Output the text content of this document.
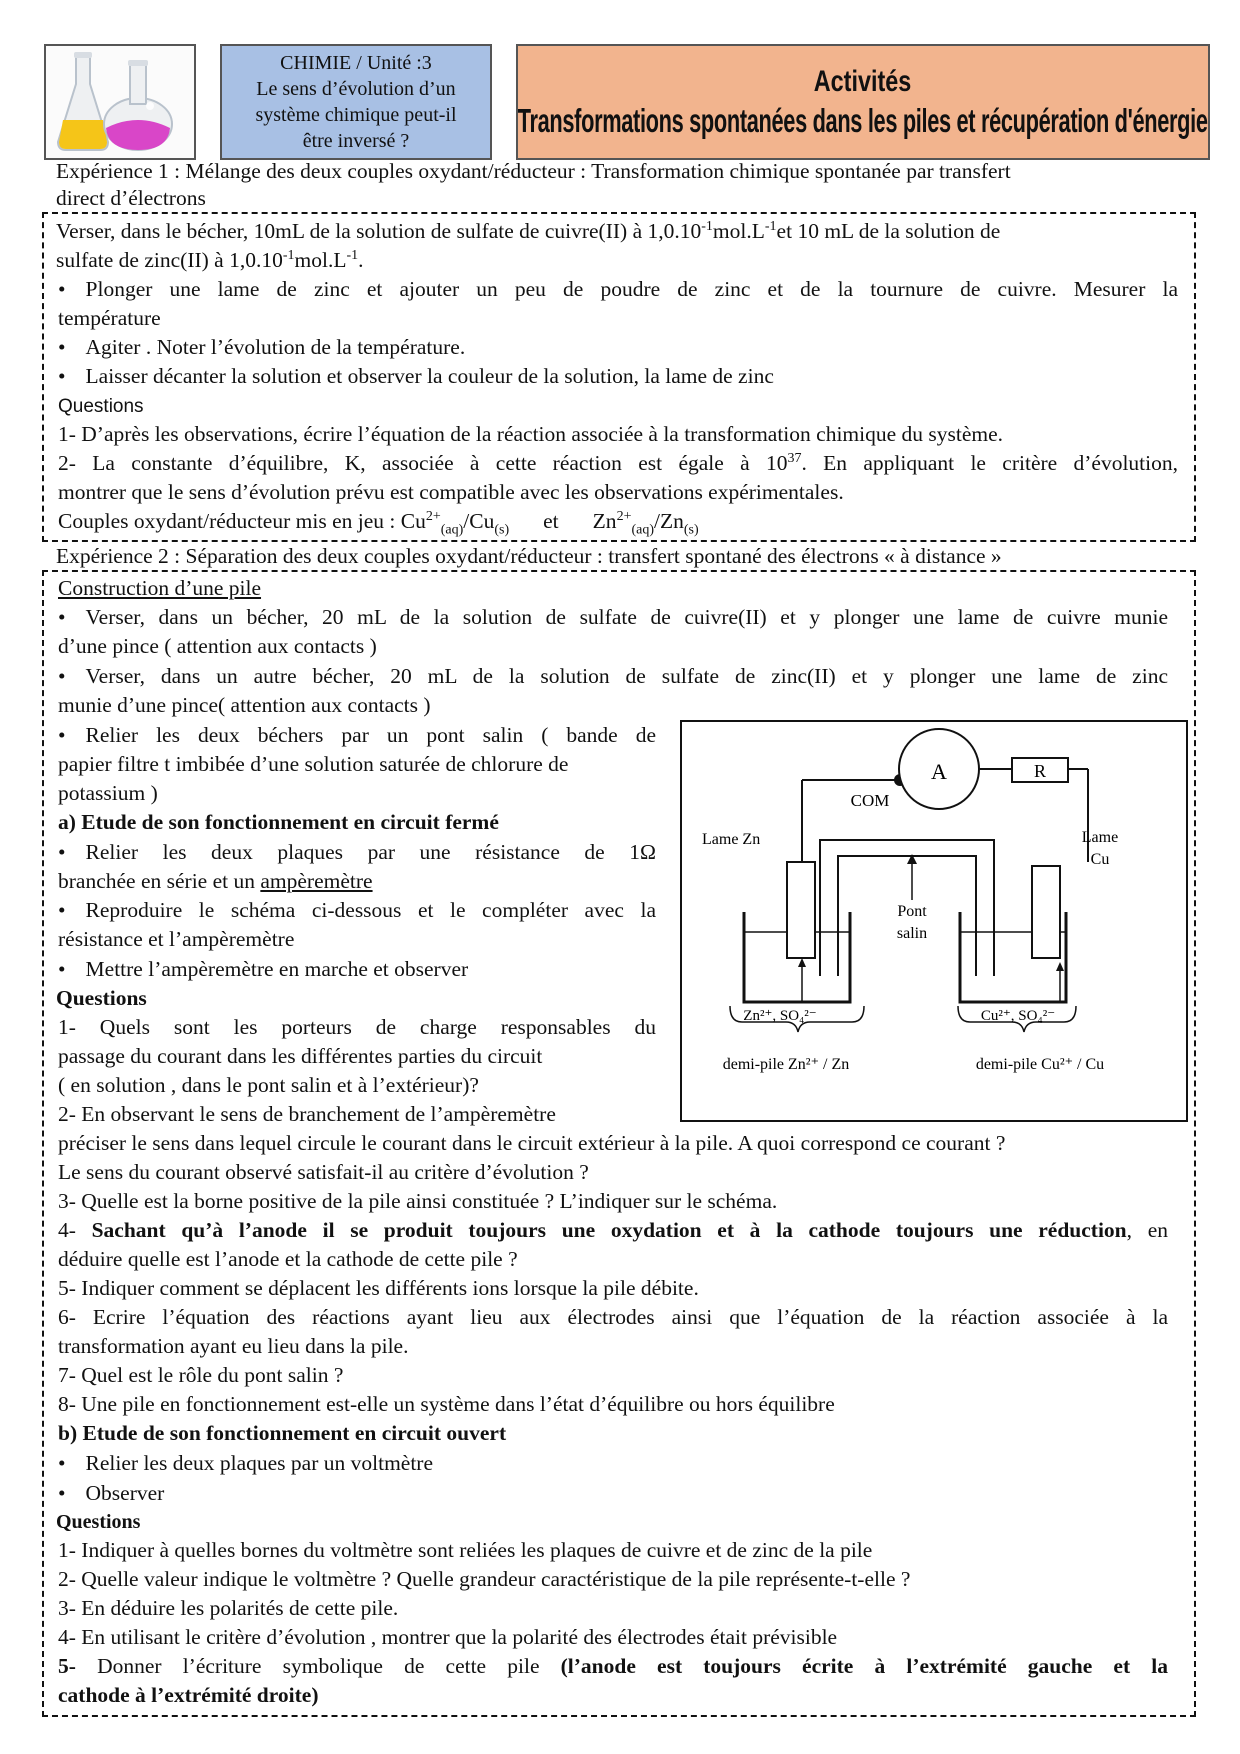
CHIMIE / Unité :3
Le sens d’évolution d’un
système chimique peut-il
être inversé ?
Activités
Transformations spontanées dans les piles et récupération d'énergie
Expérience 1 : Mélange des deux couples oxydant/réducteur : Transformation chimique spontanée par transfert
direct d’électrons
Verser, dans le bécher, 10mL de la solution de sulfate de cuivre(II) à $1,0.10^{-1}mol.L^{-1}et$ 10 mL de la solution de
sulfate de zinc(II) à $1,0.10^{-1}mol.L^{-1}$.
• Plonger une lame de zinc et ajouter un peu de poudre de zinc et de la tournure de cuivre. Mesurer la
température
• Agiter . Noter l’évolution de la température.
• Laisser décanter la solution et observer la couleur de la solution, la lame de zinc
Questions
1- D’après les observations, écrire l’équation de la réaction associée à la transformation chimique du système.
2- La constante d’équilibre, K, associée à cette réaction est égale à $10^{37}$. En appliquant le critère d’évolution,
montrer que le sens d’évolution prévu est compatible avec les observations expérimentales.
Couples oxydant/réducteur mis en jeu : $Cu^{2+}_{(aq)}/Cu_{(s)}$ et $Zn^{2+}_{(aq)}/Zn_{(s)}$
Expérience 2 : Séparation des deux couples oxydant/réducteur : transfert spontané des électrons « à distance »
Construction d’une pile
• Verser, dans un bécher, 20 mL de la solution de sulfate de cuivre(II) et y plonger une lame de cuivre munie
d’une pince ( attention aux contacts )
• Verser, dans un autre bécher, 20 mL de la solution de sulfate de zinc(II) et y plonger une lame de zinc
munie d’une pince( attention aux contacts )
• Relier les deux béchers par un pont salin ( bande de
papier filtre t imbibée d’une solution saturée de chlorure de
potassium )
a) Etude de son fonctionnement en circuit fermé
• Relier les deux plaques par une résistance de 1Ω
branchée en série et un ampèremètre
• Reproduire le schéma ci-dessous et le compléter avec la
résistance et l’ampèremètre
• Mettre l’ampèremètre en marche et observer
Questions
1- Quels sont les porteurs de charge responsables du
passage du courant dans les différentes parties du circuit
( en solution , dans le pont salin et à l’extérieur)?
2- En observant le sens de branchement de l’ampèremètre
préciser le sens dans lequel circule le courant dans le circuit extérieur à la pile. A quoi correspond ce courant ?
Le sens du courant observé satisfait-il au critère d’évolution ?
3- Quelle est la borne positive de la pile ainsi constituée ? L’indiquer sur le schéma.
4- Sachant qu’à l’anode il se produit toujours une oxydation et à la cathode toujours une réduction, en
déduire quelle est l’anode et la cathode de cette pile ?
5- Indiquer comment se déplacent les différents ions lorsque la pile débite.
6- Ecrire l’équation des réactions ayant lieu aux électrodes ainsi que l’équation de la réaction associée à la
transformation ayant eu lieu dans la pile.
7- Quel est le rôle du pont salin ?
8- Une pile en fonctionnement est-elle un système dans l’état d’équilibre ou hors équilibre
b) Etude de son fonctionnement en circuit ouvert
• Relier les deux plaques par un voltmètre
• Observer
Questions
1- Indiquer à quelles bornes du voltmètre sont reliées les plaques de cuivre et de zinc de la pile
2- Quelle valeur indique le voltmètre ? Quelle grandeur caractéristique de la pile représente-t-elle ?
3- En déduire les polarités de cette pile.
4- En utilisant le critère d’évolution , montrer que la polarité des électrodes était prévisible
5- Donner l’écriture symbolique de cette pile (l’anode est toujours écrite à l’extrémité gauche et la
cathode à l’extrémité droite)
A	R
COM
Lame Zn	Lame
Cu
Pont
salin
Zn²⁺, SO₄²⁻	Cu²⁺, SO₄²⁻
demi-pile Zn²⁺ / Zn	demi-pile Cu²⁺ / Cu
